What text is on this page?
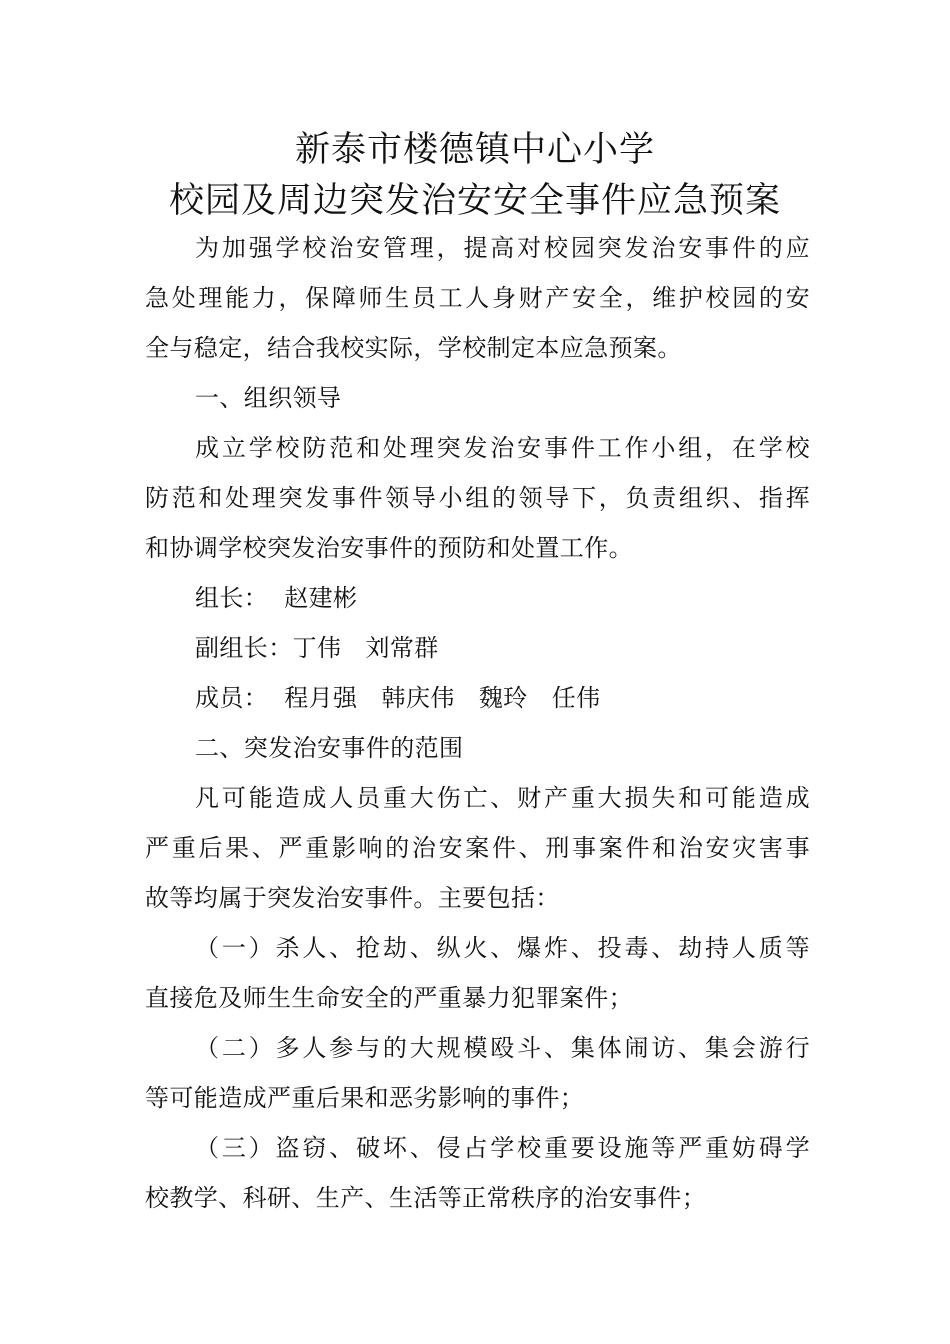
新泰市楼德镇中心小学
校园及周边突发治安安全事件应急预案
为加强学校治安管理，提高对校园突发治安事件的应
急处理能力，保障师生员工人身财产安全，维护校园的安
全与稳定，结合我校实际，学校制定本应急预案。
一、组织领导
成立学校防范和处理突发治安事件工作小组，在学校
防范和处理突发事件领导小组的领导下，负责组织、指挥
和协调学校突发治安事件的预防和处置工作。
组长：  赵建彬
副组长：丁伟   刘常群
成员：  程月强   韩庆伟   魏玲   任伟
二、突发治安事件的范围
凡可能造成人员重大伤亡、财产重大损失和可能造成
严重后果、严重影响的治安案件、刑事案件和治安灾害事
故等均属于突发治安事件。主要包括：
（一）杀人、抢劫、纵火、爆炸、投毒、劫持人质等
直接危及师生生命安全的严重暴力犯罪案件；
（二）多人参与的大规模殴斗、集体闹访、集会游行
等可能造成严重后果和恶劣影响的事件；
（三）盗窃、破坏、侵占学校重要设施等严重妨碍学
校教学、科研、生产、生活等正常秩序的治安事件；
